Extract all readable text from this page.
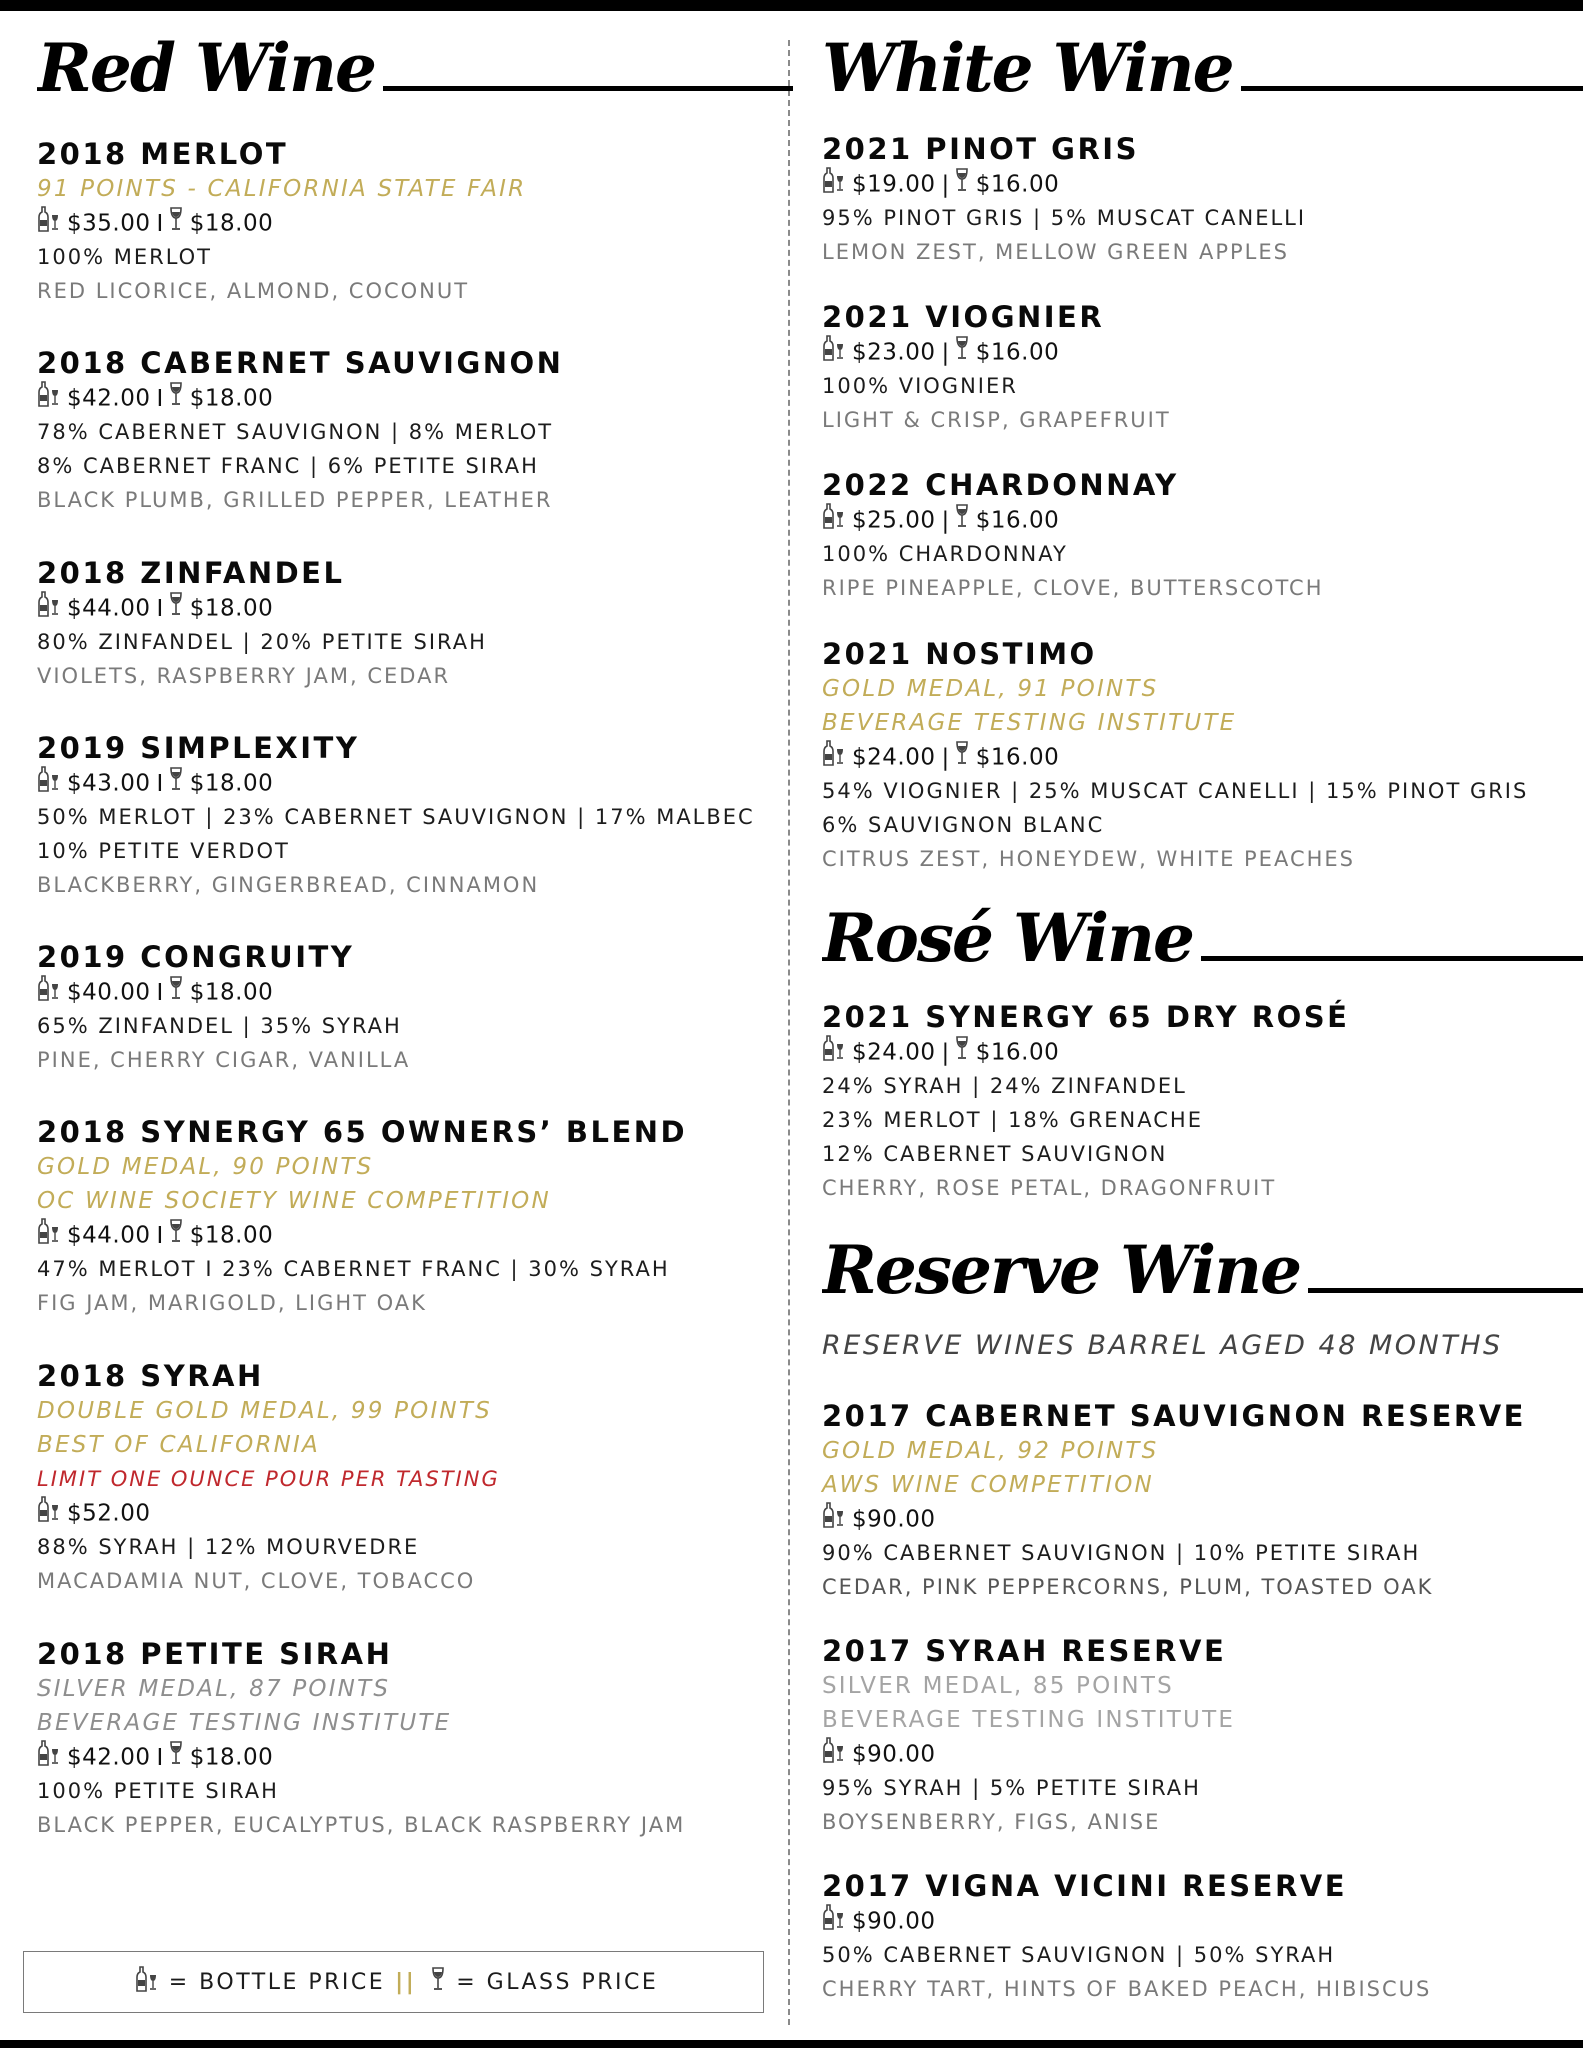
Red Wine
2018 MERLOT
91 POINTS - CALIFORNIA STATE FAIR
$35.00 I $18.00
100% MERLOT
RED LICORICE, ALMOND, COCONUT
2018 CABERNET SAUVIGNON
$42.00 I $18.00
78% CABERNET SAUVIGNON | 8% MERLOT
8% CABERNET FRANC | 6% PETITE SIRAH
BLACK PLUMB, GRILLED PEPPER, LEATHER
2018 ZINFANDEL
$44.00 I $18.00
80% ZINFANDEL | 20% PETITE SIRAH
VIOLETS, RASPBERRY JAM, CEDAR
2019 SIMPLEXITY
$43.00 I $18.00
50% MERLOT | 23% CABERNET SAUVIGNON | 17% MALBEC
10% PETITE VERDOT
BLACKBERRY, GINGERBREAD, CINNAMON
2019 CONGRUITY
$40.00 I $18.00
65% ZINFANDEL | 35% SYRAH
PINE, CHERRY CIGAR, VANILLA
2018 SYNERGY 65 OWNERS’ BLEND
GOLD MEDAL, 90 POINTS
OC WINE SOCIETY WINE COMPETITION
$44.00 I $18.00
47% MERLOT I 23% CABERNET FRANC | 30% SYRAH
FIG JAM, MARIGOLD, LIGHT OAK
2018 SYRAH
DOUBLE GOLD MEDAL, 99 POINTS
BEST OF CALIFORNIA
LIMIT ONE OUNCE POUR PER TASTING
$52.00
88% SYRAH | 12% MOURVEDRE
MACADAMIA NUT, CLOVE, TOBACCO
2018 PETITE SIRAH
SILVER MEDAL, 87 POINTS
BEVERAGE TESTING INSTITUTE
$42.00 I $18.00
100% PETITE SIRAH
BLACK PEPPER, EUCALYPTUS, BLACK RASPBERRY JAM
White Wine
2021 PINOT GRIS
$19.00 | $16.00
95% PINOT GRIS | 5% MUSCAT CANELLI
LEMON ZEST, MELLOW GREEN APPLES
2021 VIOGNIER
$23.00 | $16.00
100% VIOGNIER
LIGHT & CRISP, GRAPEFRUIT
2022 CHARDONNAY
$25.00 | $16.00
100% CHARDONNAY
RIPE PINEAPPLE, CLOVE, BUTTERSCOTCH
2021 NOSTIMO
GOLD MEDAL, 91 POINTS
BEVERAGE TESTING INSTITUTE
$24.00 | $16.00
54% VIOGNIER | 25% MUSCAT CANELLI | 15% PINOT GRIS
6% SAUVIGNON BLANC
CITRUS ZEST, HONEYDEW, WHITE PEACHES
Rosé Wine
2021 SYNERGY 65 DRY ROSÉ
$24.00 | $16.00
24% SYRAH | 24% ZINFANDEL
23% MERLOT | 18% GRENACHE
12% CABERNET SAUVIGNON
CHERRY, ROSE PETAL, DRAGONFRUIT
Reserve Wine
RESERVE WINES BARREL AGED 48 MONTHS
2017 CABERNET SAUVIGNON RESERVE
GOLD MEDAL, 92 POINTS
AWS WINE COMPETITION
$90.00
90% CABERNET SAUVIGNON | 10% PETITE SIRAH
CEDAR, PINK PEPPERCORNS, PLUM, TOASTED OAK
2017 SYRAH RESERVE
SILVER MEDAL, 85 POINTS
BEVERAGE TESTING INSTITUTE
$90.00
95% SYRAH | 5% PETITE SIRAH
BOYSENBERRY, FIGS, ANISE
2017 VIGNA VICINI RESERVE
$90.00
50% CABERNET SAUVIGNON | 50% SYRAH
CHERRY TART, HINTS OF BAKED PEACH, HIBISCUS
= BOTTLE PRICE || = GLASS PRICE
